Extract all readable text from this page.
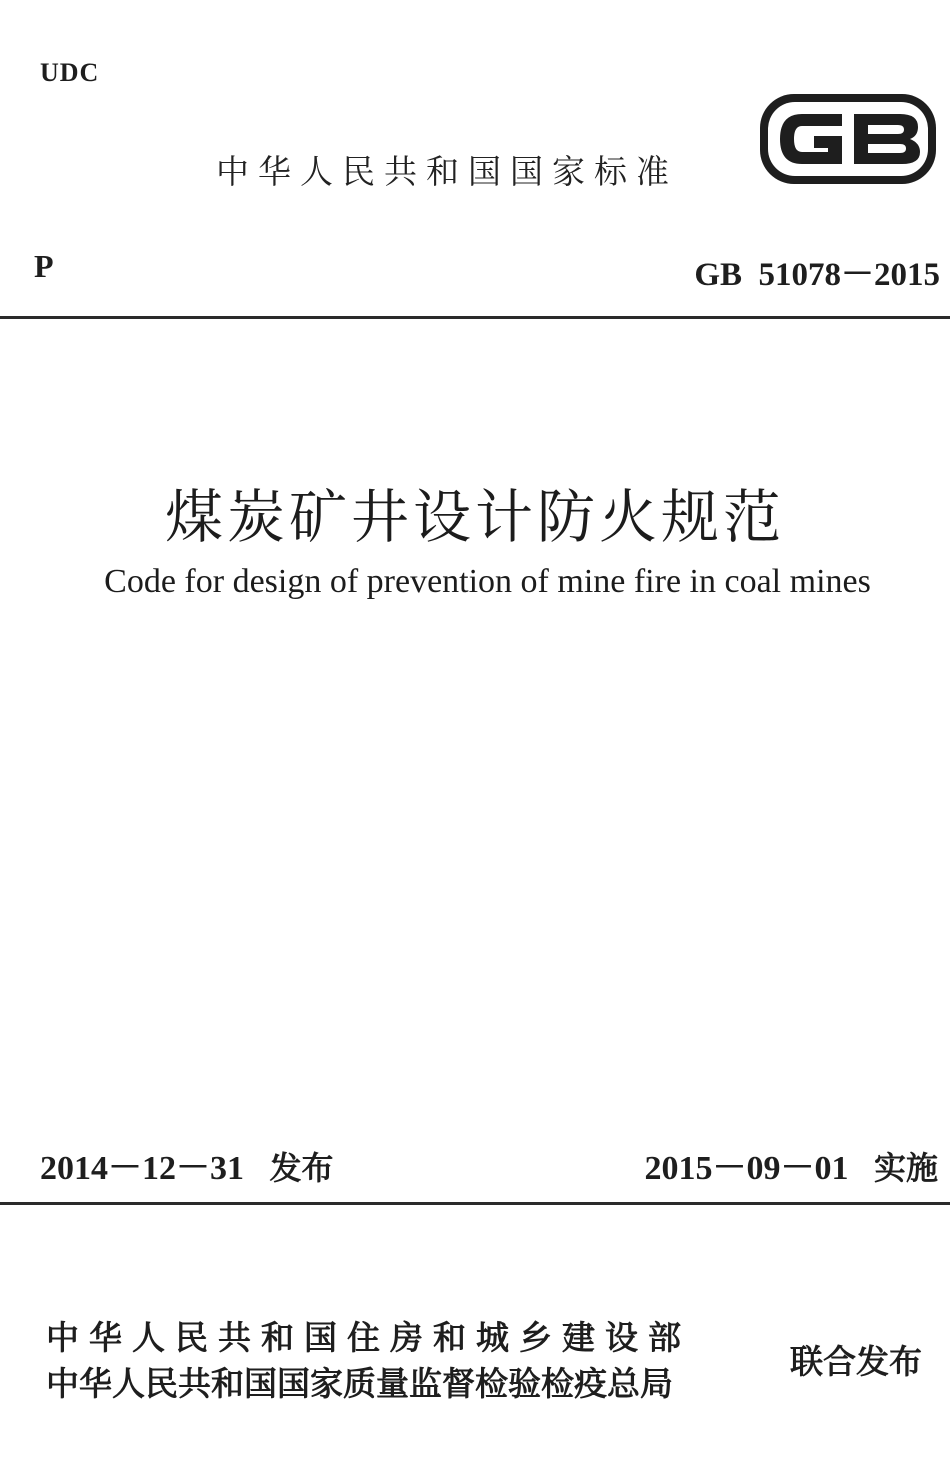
UDC
中华人民共和国国家标准
P	GB  51078－2015
煤炭矿井设计防火规范
Code for design of prevention of mine fire in coal mines
2014－12－31 发布	2015－09－01 实施
中华人民共和国住房和城乡建设部
中华人民共和国国家质量监督检验检疫总局
联合发布
